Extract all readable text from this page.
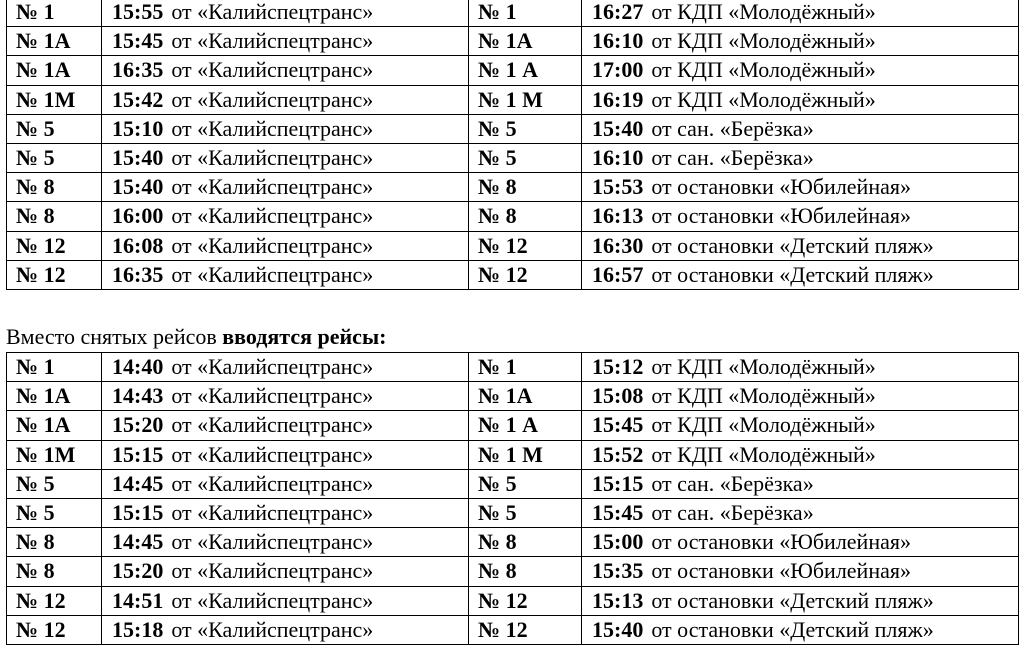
№ 1	15:55 от «Калийспецтранс»	№ 1	16:27 от КДП «Молодёжный»
№ 1А	15:45 от «Калийспецтранс»	№ 1А	16:10 от КДП «Молодёжный»
№ 1А	16:35 от «Калийспецтранс»	№ 1 А	17:00 от КДП «Молодёжный»
№ 1М	15:42 от «Калийспецтранс»	№ 1 М	16:19 от КДП «Молодёжный»
№ 5	15:10 от «Калийспецтранс»	№ 5	15:40 от сан. «Берёзка»
№ 5	15:40 от «Калийспецтранс»	№ 5	16:10 от сан. «Берёзка»
№ 8	15:40 от «Калийспецтранс»	№ 8	15:53 от остановки «Юбилейная»
№ 8	16:00 от «Калийспецтранс»	№ 8	16:13 от остановки «Юбилейная»
№ 12	16:08 от «Калийспецтранс»	№ 12	16:30 от остановки «Детский пляж»
№ 12	16:35 от «Калийспецтранс»	№ 12	16:57 от остановки «Детский пляж»
Вместо снятых рейсов вводятся рейсы:
№ 1	14:40 от «Калийспецтранс»	№ 1	15:12 от КДП «Молодёжный»
№ 1А	14:43 от «Калийспецтранс»	№ 1А	15:08 от КДП «Молодёжный»
№ 1А	15:20 от «Калийспецтранс»	№ 1 А	15:45 от КДП «Молодёжный»
№ 1М	15:15 от «Калийспецтранс»	№ 1 М	15:52 от КДП «Молодёжный»
№ 5	14:45 от «Калийспецтранс»	№ 5	15:15 от сан. «Берёзка»
№ 5	15:15 от «Калийспецтранс»	№ 5	15:45 от сан. «Берёзка»
№ 8	14:45 от «Калийспецтранс»	№ 8	15:00 от остановки «Юбилейная»
№ 8	15:20 от «Калийспецтранс»	№ 8	15:35 от остановки «Юбилейная»
№ 12	14:51 от «Калийспецтранс»	№ 12	15:13 от остановки «Детский пляж»
№ 12	15:18 от «Калийспецтранс»	№ 12	15:40 от остановки «Детский пляж»
